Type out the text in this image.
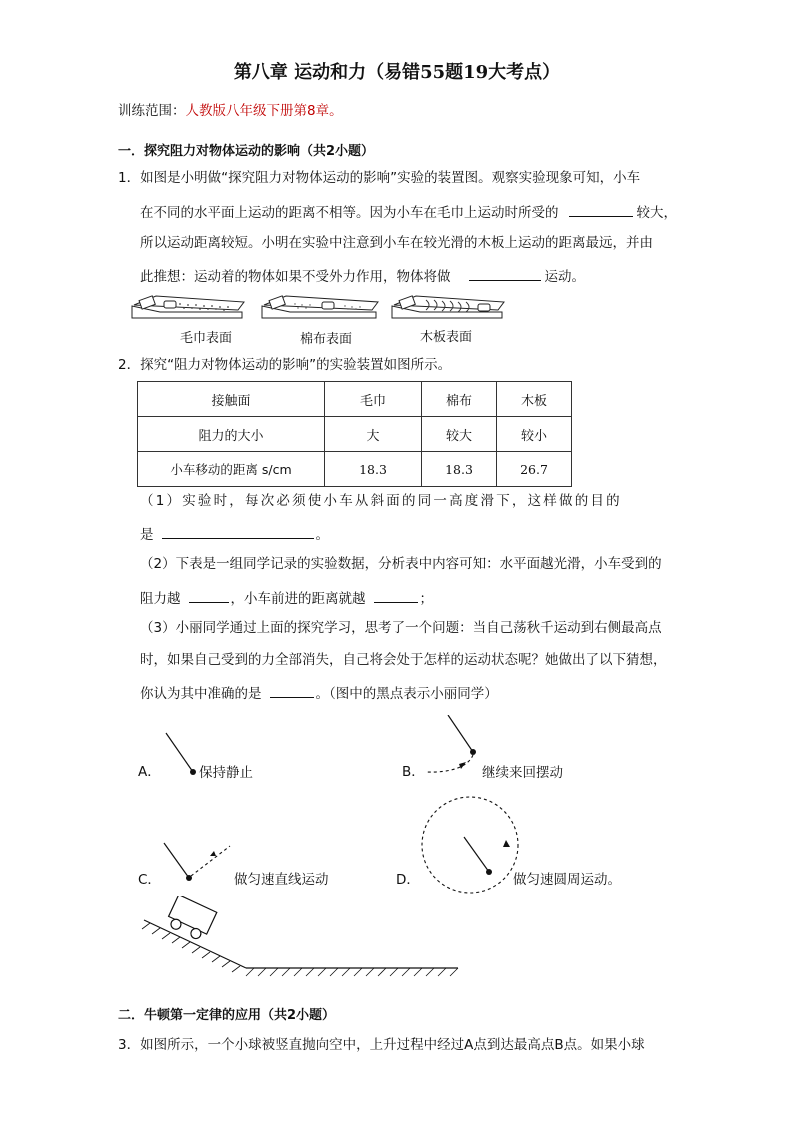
第八章 运动和力（易错55题19大考点）
训练范围：人教版八年级下册第8章。
一．探究阻力对物体运动的影响（共2小题）
1．如图是小明做“探究阻力对物体运动的影响”实验的装置图。观察实验现象可知，小车
在不同的水平面上运动的距离不相等。因为小车在毛巾上运动时所受的	较大，
所以运动距离较短。小明在实验中注意到小车在较光滑的木板上运动的距离最远，并由
此推想：运动着的物体如果不受外力作用，物体将做	运动。
毛巾表面	棉布表面	木板表面
2．探究“阻力对物体运动的影响”的实验装置如图所示。
接触面	毛巾	棉布	木板
阻力的大小	大	较大	较小
小车移动的距离 s/cm	18.3	18.3	26.7
（1）实验时，每次必须使小车从斜面的同一高度滑下，这样做的目的
是	。
（2）下表是一组同学记录的实验数据，分析表中内容可知：水平面越光滑，小车受到的
阻力越	，小车前进的距离就越	；
（3）小丽同学通过上面的探究学习，思考了一个问题：当自己荡秋千运动到右侧最高点
时，如果自己受到的力全部消失，自己将会处于怎样的运动状态呢？她做出了以下猜想，
你认为其中准确的是	。（图中的黑点表示小丽同学）
A．	保持静止	B．	继续来回摆动
C．	做匀速直线运动	D．	做匀速圆周运动。
二．牛顿第一定律的应用（共2小题）
3．如图所示，一个小球被竖直抛向空中，上升过程中经过A点到达最高点B点。如果小球
